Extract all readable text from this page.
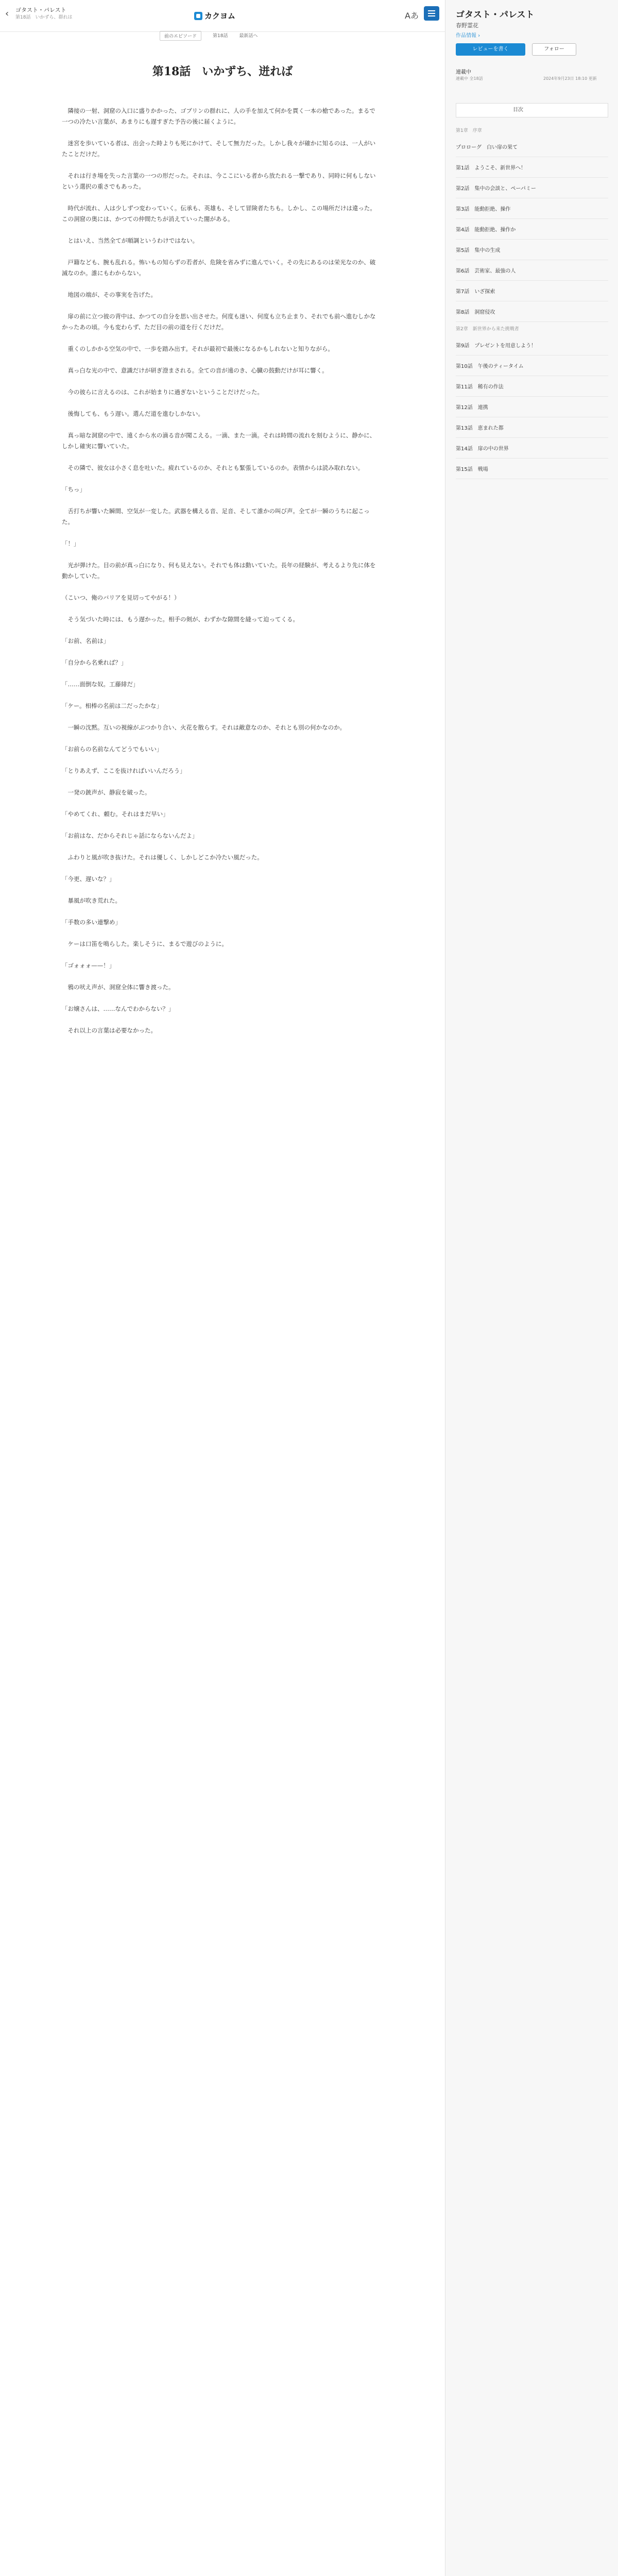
‹ ゴタスト・パレスト
第18話　いかずら、群れは	カクヨム	Aあ
前のエピソード	第18話 最新話へ
第18話　いかずち、迸れば

　隣接の一射、洞窟の入口に盛りかかった、ゴブリンの群れに、人の手を加えて何かを貫く一本の槍であった。まるで一つの冷たい言葉が、あまりにも遅すぎた予告の後に届くように。

　迷宮を歩いている者は、出会った時よりも死にかけて、そして無力だった。しかし我々が確かに知るのは、一人がいたことだけだ。

　それは行き場を失った言葉の一つの形だった。それは、今ここにいる者から放たれる一撃であり、同時に何もしないという選択の重さでもあった。

　時代が流れ、人は少しずつ変わっていく。伝承も、英雄も、そして冒険者たちも。しかし、この場所だけは違った。この洞窟の奥には、かつての仲間たちが消えていった闇がある。

　とはいえ、当然全てが順調というわけではない。

　戸籍なども、腕も乱れる。怖いもの知らずの若者が、危険を省みずに進んでいく。その先にあるのは栄光なのか、破滅なのか。誰にもわからない。

　地図の端が、その事実を告げた。

　扉の前に立つ彼の背中は、かつての自分を思い出させた。何度も迷い、何度も立ち止まり、それでも前へ進むしかなかったあの頃。今も変わらず、ただ目の前の道を行くだけだ。

　重くのしかかる空気の中で、一歩を踏み出す。それが最初で最後になるかもしれないと知りながら。

　真っ白な光の中で、意識だけが研ぎ澄まされる。全ての音が遠のき、心臓の鼓動だけが耳に響く。

　今の彼らに言えるのは、これが始まりに過ぎないということだけだった。

　後悔しても、もう遅い。選んだ道を進むしかない。

　真っ暗な洞窟の中で、遠くから水の滴る音が聞こえる。一滴、また一滴。それは時間の流れを刻むように、静かに、しかし確実に響いていた。

　その隣で、彼女は小さく息を吐いた。疲れているのか、それとも緊張しているのか。表情からは読み取れない。

「ちっ」

　舌打ちが響いた瞬間、空気が一変した。武器を構える音、足音、そして誰かの叫び声。全てが一瞬のうちに起こった。

「！」

　光が弾けた。目の前が真っ白になり、何も見えない。それでも体は動いていた。長年の経験が、考えるより先に体を動かしていた。

（こいつ、俺のバリアを見切ってやがる！）

　そう気づいた時には、もう遅かった。相手の剣が、わずかな隙間を縫って迫ってくる。

「お前、名前は」

「自分から名乗れば？」

「……面倒な奴。工藤緋だ」

「ケー。相棒の名前は二だったかな」

　一瞬の沈黙。互いの視線がぶつかり合い、火花を散らす。それは敵意なのか、それとも別の何かなのか。

「お前らの名前なんてどうでもいい」

「とりあえず、ここを抜ければいいんだろう」

　一発の銃声が、静寂を破った。

「やめてくれ、頼む。それはまだ早い」

「お前はな、だからそれじゃ話にならないんだよ」

　ふわりと風が吹き抜けた。それは優しく、しかしどこか冷たい風だった。

「今更、遅いな？」

　暴風が吹き荒れた。

「手数の多い連撃め」

　ケーは口笛を鳴らした。楽しそうに、まるで遊びのように。

「ゴォォォ——！」

　鴉の吠え声が、洞窟全体に響き渡った。

「お嬢さんは、……なんでわからない？」

　それ以上の言葉は必要なかった。

ゴタスト・パレスト
春野霊花
作品情報 ›
レビューを書く	フォロー
連載中
連載中 全18話	2024年9月23日 18:10 更新
目次
第1章　序章
プロローグ　白い扉の果て
第1話　ようこそ、新世界へ！
第2話　集中の会談と、ペーパミー
第3話　能動拒絶、操作
第4話　能動拒絶、操作か
第5話　集中の生成
第6話　芸術家、最強の人
第7話　いざ探索
第8話　洞窟侵攻
第2章　新世界から来た挑戦者
第9話　プレゼントを用意しよう！
第10話　午後のティータイム
第11話　稀有の作法
第12話　連携
第13話　恵まれた都
第14話　扉の中の世界
第15話　戦場
